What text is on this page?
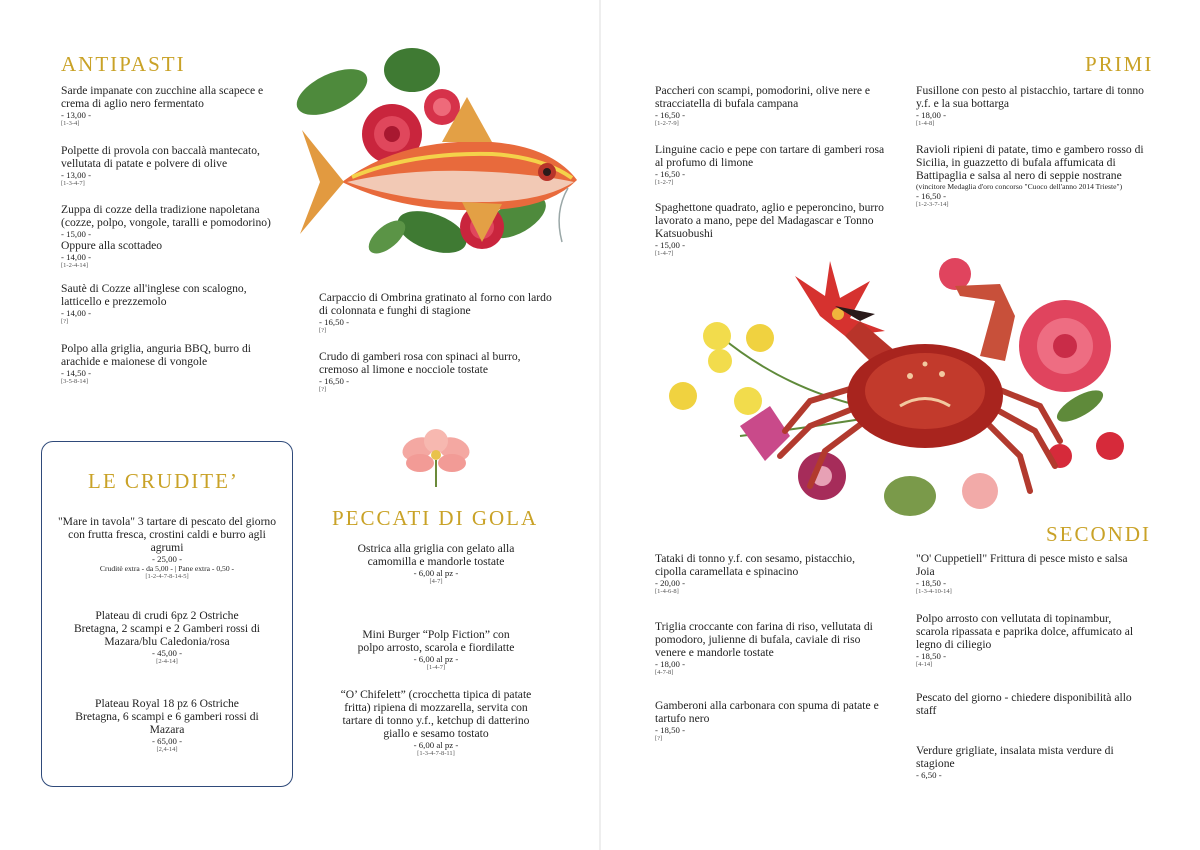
ANTIPASTI
Sarde impanate con zucchine alla scapece e crema di aglio nero fermentato
- 13,00 -
[1-3-4]
Polpette di provola con baccalà mantecato, vellutata di patate e polvere di olive
- 13,00 -
[1-3-4-7]
Zuppa di cozze della tradizione napoletana (cozze, polpo, vongole, taralli e pomodorino)
- 15,00 -
Oppure alla scottadeo
- 14,00 -
[1-2-4-14]
Sautè di Cozze all'inglese con scalogno, latticello e prezzemolo
- 14,00 -
[?]
Polpo alla griglia, anguria BBQ, burro di arachide e maionese di vongole
- 14,50 -
[3-5-8-14]
Carpaccio di Ombrina gratinato al forno con lardo di colonnata e funghi di stagione
- 16,50 -
[?]
Crudo di gamberi rosa con spinaci al burro, cremoso al limone e nocciole tostate
- 16,50 -
[?]
LE CRUDITE’
"Mare in tavola" 3 tartare di pescato del giorno con frutta fresca, crostini caldi e burro agli agrumi
- 25,00 -
Cruditè extra - da 5,00 - | Pane extra - 0,50 -
[1-2-4-7-8-14-5]
Plateau di crudi 6pz 2 Ostriche Bretagna, 2 scampi e 2 Gamberi rossi di Mazara/blu Caledonia/rosa
- 45,00 -
[2-4-14]
Plateau Royal 18 pz 6 Ostriche Bretagna, 6 scampi e 6 gamberi rossi di Mazara
- 65,00 -
[2,4-14]
PECCATI DI GOLA
Ostrica alla griglia con gelato alla camomilla e mandorle tostate
- 6,00 al pz -
[4-7]
Mini Burger “Polp Fiction” con polpo arrosto, scarola e fiordilatte
- 6,00 al pz -
[1-4-7]
“O’ Chifelett” (crocchetta tipica di patate fritta) ripiena di mozzarella, servita con tartare di tonno y.f., ketchup di datterino giallo e sesamo tostato
- 6,00 al pz -
[1-3-4-7-8-11]
PRIMI
Paccheri con scampi, pomodorini, olive nere e stracciatella di bufala campana
- 16,50 -
[1-2-7-9]
Linguine cacio e pepe con tartare di gamberi rosa al profumo di limone
- 16,50 -
[1-2-7]
Spaghettone quadrato, aglio e peperoncino, burro lavorato a mano, pepe del Madagascar e Tonno Katsuobushi
- 15,00 -
[1-4-7]
Fusillone con pesto al pistacchio, tartare di tonno y.f. e la sua bottarga
- 18,00 -
[1-4-8]
Ravioli ripieni di patate, timo e gambero rosso di Sicilia, in guazzetto di bufala affumicata di Battipaglia e salsa al nero di seppie nostrane
(vincitore Medaglia d'oro concorso "Cuoco dell'anno 2014 Trieste")
- 16,50 -
[1-2-3-7-14]
SECONDI
Tataki di tonno y.f. con sesamo, pistacchio, cipolla caramellata e spinacino
- 20,00 -
[1-4-6-8]
Triglia croccante con farina di riso, vellutata di pomodoro, julienne di bufala, caviale di riso venere e mandorle tostate
- 18,00 -
[4-7-8]
Gamberoni alla carbonara con spuma di patate e tartufo nero
- 18,50 -
[?]
"O' Cuppetiell" Frittura di pesce misto e salsa Joia
- 18,50 -
[1-3-4-10-14]
Polpo arrosto con vellutata di topinambur, scarola ripassata e paprika dolce, affumicato al legno di ciliegio
- 18,50 -
[4-14]
Pescato del giorno - chiedere disponibilità allo staff
Verdure grigliate, insalata mista verdure di stagione
- 6,50 -
